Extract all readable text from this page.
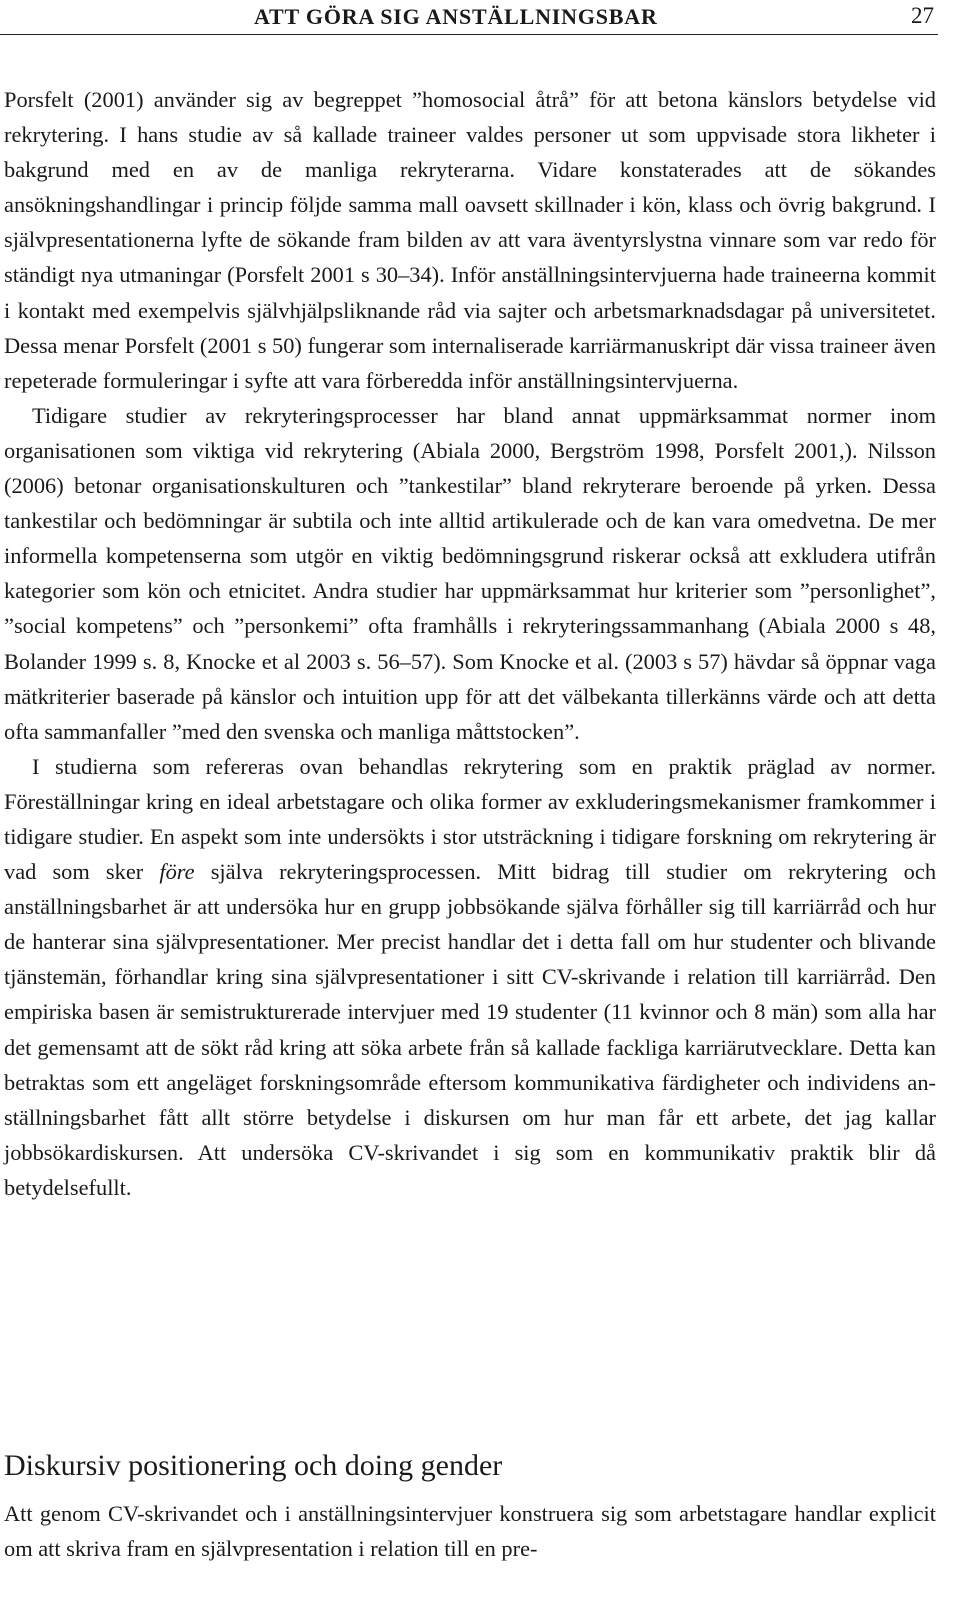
ATT GÖRA SIG ANSTÄLLNINGSBAR	27

Porsfelt (2001) använder sig av begreppet ”homosocial åtrå” för att betona känslors betydelse vid rekrytering. I hans studie av så kallade traineer valdes personer ut som uppvisade stora likheter i bakgrund med en av de manliga rekryterarna. Vidare konstaterades att de sökandes ansökningshandlingar i princip följde samma mall oavsett skillnader i kön, klass och övrig bakgrund. I självpresentationerna lyfte de sökande fram bilden av att vara äventyrslystna vinnare som var redo för ständigt nya utmaningar (Porsfelt 2001 s 30–34). Inför anställningsintervjuerna hade traineerna kommit i kontakt med exempelvis självhjälpsliknande råd via sajter och arbetsmarknadsdagar på universitetet. Dessa menar Porsfelt (2001 s 50) fungerar som internaliserade karriärmanuskript där vissa traineer även repeterade formuleringar i syfte att vara förberedda inför anställningsintervjuerna.

Tidigare studier av rekryteringsprocesser har bland annat uppmärksammat normer inom organisationen som viktiga vid rekrytering (Abiala 2000, Bergström 1998, Porsfelt 2001,). Nilsson (2006) betonar organisationskulturen och ”tankestilar” bland rekryterare beroende på yrken. Dessa tankestilar och bedömningar är subtila och inte alltid artikulerade och de kan vara omedvetna. De mer informella kompetenserna som utgör en viktig bedömningsgrund riskerar också att exkludera utifrån kategorier som kön och etnicitet. Andra studier har uppmärksammat hur kriterier som ”personlighet”, ”social kompetens” och ”personkemi” ofta framhålls i rekryteringssammanhang (Abiala 2000 s 48, Bolander 1999 s. 8, Knocke et al 2003 s. 56–57). Som Knocke et al. (2003 s 57) hävdar så öppnar vaga mätkriterier baserade på känslor och intuition upp för att det välbekanta tillerkänns värde och att detta ofta sammanfaller ”med den svenska och manliga måttstocken”.

I studierna som refereras ovan behandlas rekrytering som en praktik präglad av normer. Föreställningar kring en ideal arbetstagare och olika former av exkluderingsmekanismer framkommer i tidigare studier. En aspekt som inte undersökts i stor utsträckning i tidigare forskning om rekrytering är vad som sker före själva rekryteringsprocessen. Mitt bidrag till studier om rekrytering och anställningsbarhet är att undersöka hur en grupp jobbsökande själva förhåller sig till karriärråd och hur de hanterar sina självpresentationer. Mer precist handlar det i detta fall om hur studenter och blivande tjänstemän, förhandlar kring sina självpresentationer i sitt CV-skrivande i relation till karriärråd. Den empiriska basen är semistrukturerade intervjuer med 19 studenter (11 kvinnor och 8 män) som alla har det gemensamt att de sökt råd kring att söka arbete från så kallade fackliga karriärutvecklare. Detta kan betraktas som ett angeläget forskningsområde eftersom kommunikativa färdigheter och individens anställningsbarhet fått allt större betydelse i diskursen om hur man får ett arbete, det jag kallar jobbsökardiskursen. Att undersöka CV-skrivandet i sig som en kommunikativ praktik blir då betydelsefullt.

Diskursiv positionering och doing gender

Att genom CV-skrivandet och i anställningsintervjuer konstruera sig som arbetstagare handlar explicit om att skriva fram en självpresentation i relation till en pre-
